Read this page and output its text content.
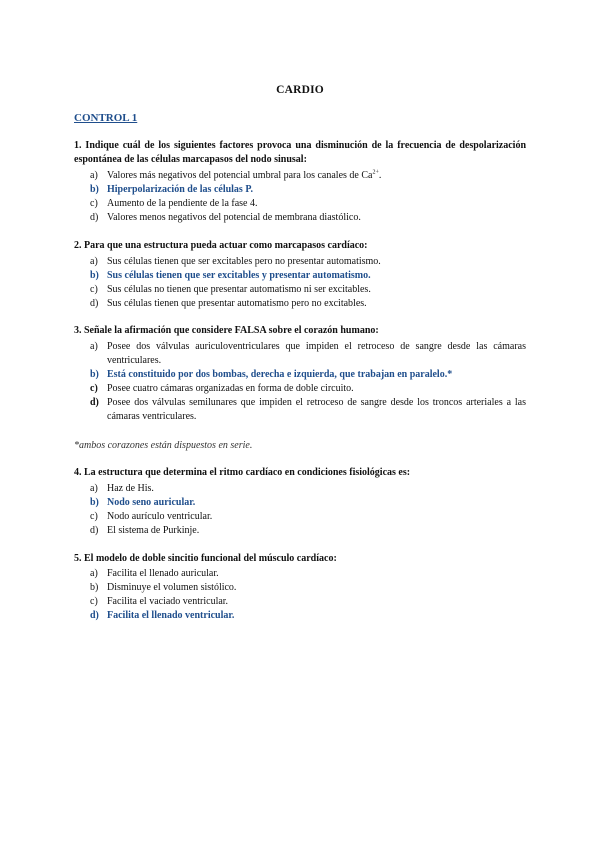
CARDIO
CONTROL 1
1. Indique cuál de los siguientes factores provoca una disminución de la frecuencia de despolarización espontánea de las células marcapasos del nodo sinusal:
a) Valores más negativos del potencial umbral para los canales de $Ca^{2+}$.
b) Hiperpolarización de las células P.
c) Aumento de la pendiente de la fase 4.
d) Valores menos negativos del potencial de membrana diastólico.
2. Para que una estructura pueda actuar como marcapasos cardíaco:
a) Sus células tienen que ser excitables pero no presentar automatismo.
b) Sus células tienen que ser excitables y presentar automatismo.
c) Sus células no tienen que presentar automatismo ni ser excitables.
d) Sus células tienen que presentar automatismo pero no excitables.
3. Señale la afirmación que considere FALSA sobre el corazón humano:
a) Posee dos válvulas auriculoventriculares que impiden el retroceso de sangre desde las cámaras ventriculares.
b) Está constituido por dos bombas, derecha e izquierda, que trabajan en paralelo.*
c) Posee cuatro cámaras organizadas en forma de doble circuito.
d) Posee dos válvulas semilunares que impiden el retroceso de sangre desde los troncos arteriales a las cámaras ventriculares.
*ambos corazones están dispuestos en serie.
4. La estructura que determina el ritmo cardíaco en condiciones fisiológicas es:
a) Haz de His.
b) Nodo seno auricular.
c) Nodo aurículo ventricular.
d) El sistema de Purkinje.
5. El modelo de doble sincitio funcional del músculo cardíaco:
a) Facilita el llenado auricular.
b) Disminuye el volumen sistólico.
c) Facilita el vaciado ventricular.
d) Facilita el llenado ventricular.
